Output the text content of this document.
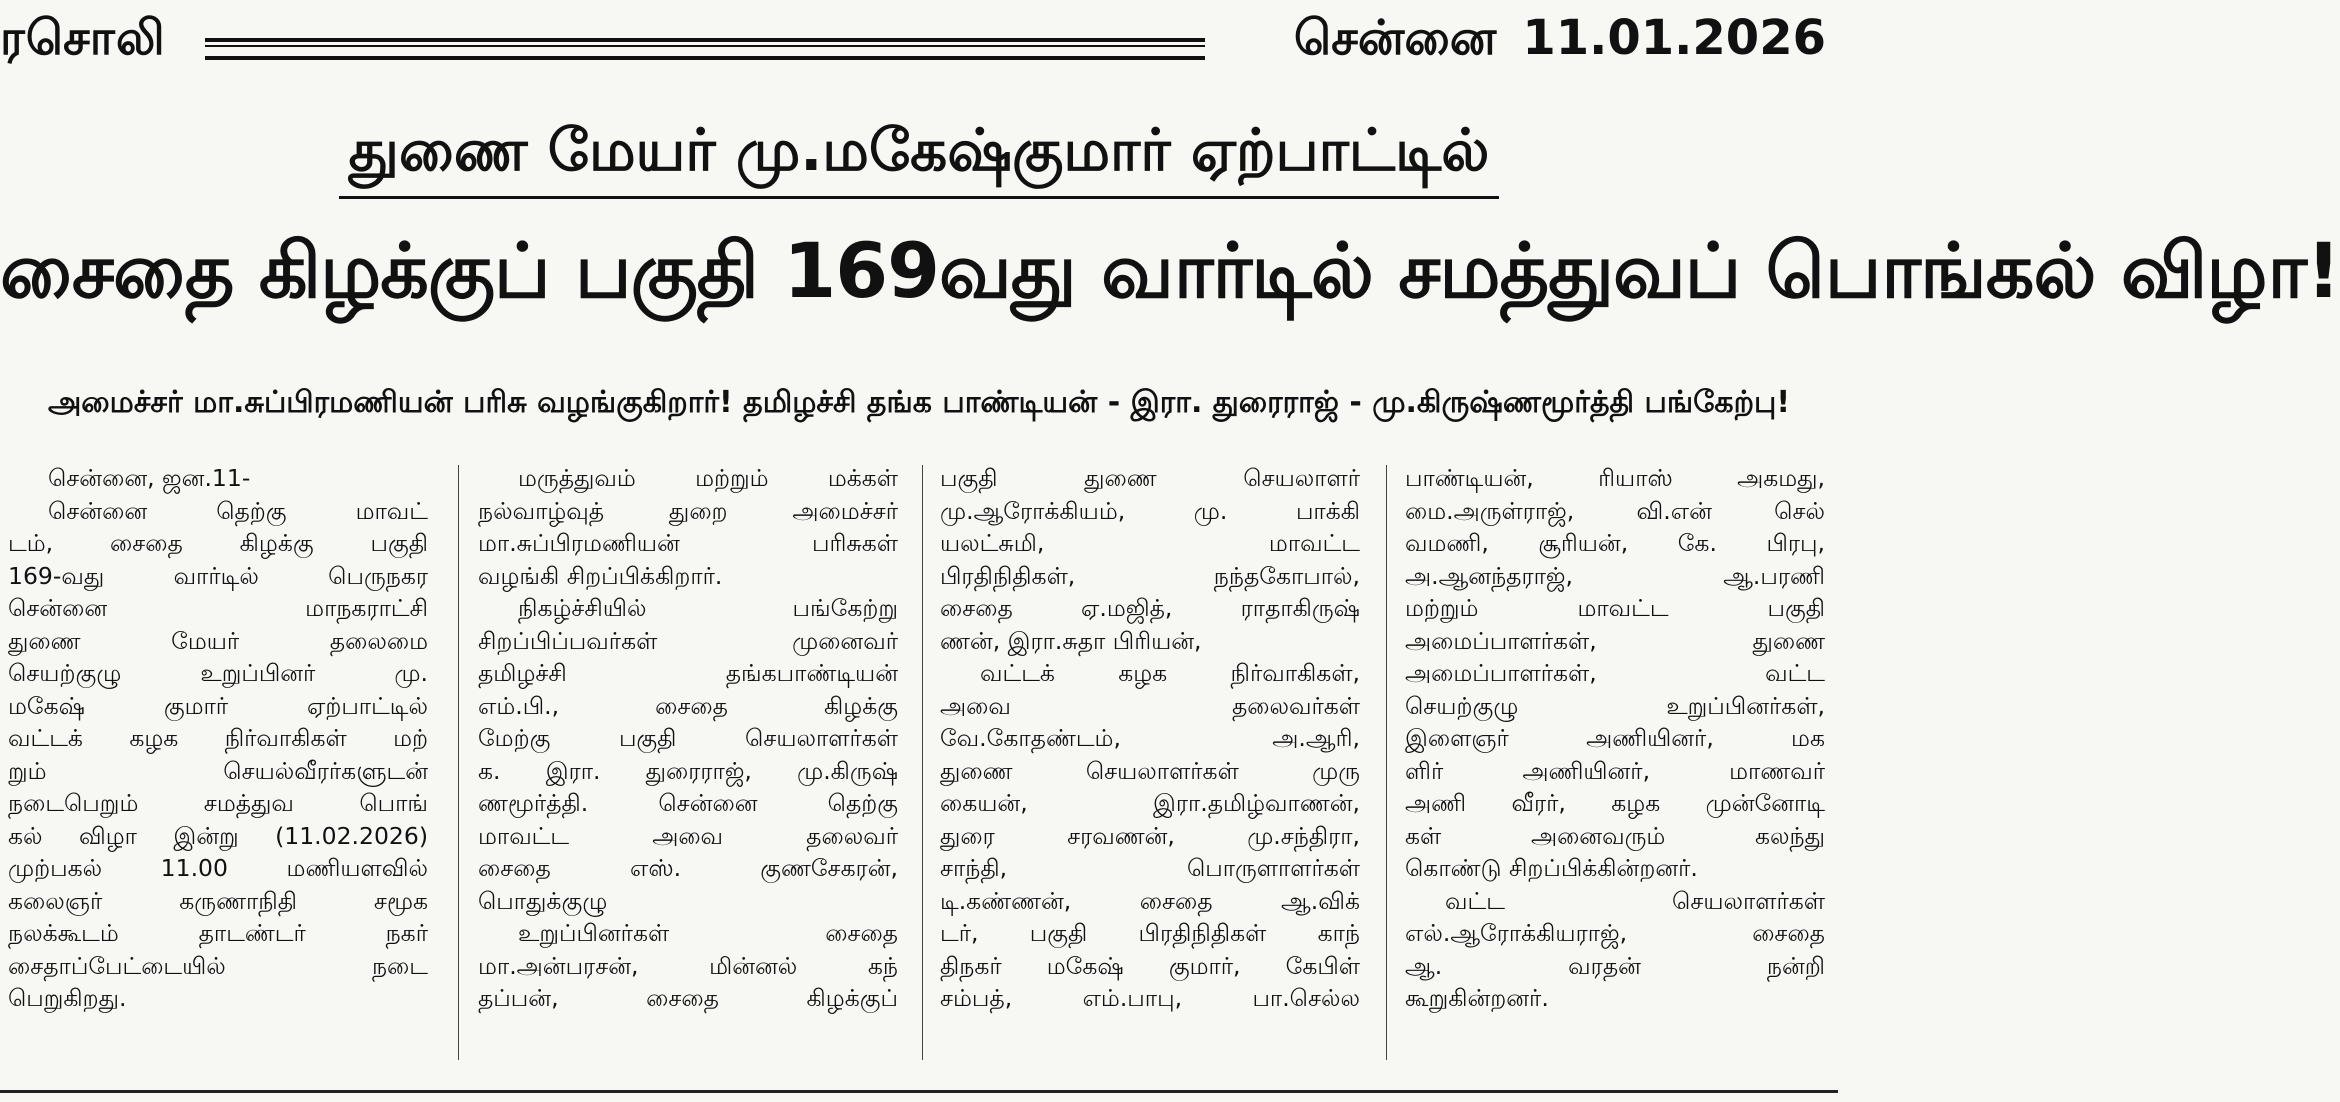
ரசொலி	சென்னை 11.01.2026
துணை மேயர் மு.மகேஷ்குமார் ஏற்பாட்டில்
சைதை கிழக்குப் பகுதி 169வது வார்டில் சமத்துவப் பொங்கல் விழா!
அமைச்சர் மா.சுப்பிரமணியன் பரிசு வழங்குகிறார்! தமிழச்சி தங்க பாண்டியன் - இரா. துரைராஜ் - மு.கிருஷ்ணமூர்த்தி பங்கேற்பு!
சென்னை, ஜன.11-
சென்னை தெற்கு மாவட்
டம், சைதை கிழக்கு பகுதி
169-வது வார்டில் பெருநகர
சென்னை மாநகராட்சி
துணை மேயர் தலைமை
செயற்குழு உறுப்பினர் மு.
மகேஷ் குமார் ஏற்பாட்டில்
வட்டக் கழக நிர்வாகிகள் மற்
றும் செயல்வீரர்களுடன்
நடைபெறும் சமத்துவ பொங்
கல் விழா இன்று (11.02.2026)
முற்பகல் 11.00 மணியளவில்
கலைஞர் கருணாநிதி சமூக
நலக்கூடம் தாடண்டர் நகர்
சைதாப்பேட்டையில் நடை
பெறுகிறது.
மருத்துவம் மற்றும் மக்கள்
நல்வாழ்வுத் துறை அமைச்சர்
மா.சுப்பிரமணியன் பரிசுகள்
வழங்கி சிறப்பிக்கிறார்.
நிகழ்ச்சியில் பங்கேற்று
சிறப்பிப்பவர்கள் முனைவர்
தமிழச்சி தங்கபாண்டியன்
எம்.பி., சைதை கிழக்கு
மேற்கு பகுதி செயலாளர்கள்
க. இரா. துரைராஜ், மு.கிருஷ்
ணமூர்த்தி. சென்னை தெற்கு
மாவட்ட அவை தலைவர்
சைதை எஸ். குணசேகரன்,
பொதுக்குழு
உறுப்பினர்கள் சைதை
மா.அன்பரசன், மின்னல் கந்
தப்பன், சைதை கிழக்குப்
பகுதி துணை செயலாளர்
மு.ஆரோக்கியம், மு. பாக்கி
யலட்சுமி, மாவட்ட
பிரதிநிதிகள், நந்தகோபால்,
சைதை ஏ.மஜித், ராதாகிருஷ்
ணன், இரா.சுதா பிரியன்,
வட்டக் கழக நிர்வாகிகள்,
அவை தலைவர்கள்
வே.கோதண்டம், அ.ஆரி,
துணை செயலாளர்கள் முரு
கையன், இரா.தமிழ்வாணன்,
துரை சரவணன், மு.சந்திரா,
சாந்தி, பொருளாளர்கள்
டி.கண்ணன், சைதை ஆ.விக்
டர், பகுதி பிரதிநிதிகள் காந்
திநகர் மகேஷ் குமார், கேபிள்
சம்பத், எம்.பாபு, பா.செல்ல
பாண்டியன், ரியாஸ் அகமது,
மை.அருள்ராஜ், வி.என் செல்
வமணி, சூரியன், கே. பிரபு,
அ.ஆனந்தராஜ், ஆ.பரணி
மற்றும் மாவட்ட பகுதி
அமைப்பாளர்கள், துணை
அமைப்பாளர்கள், வட்ட
செயற்குழு உறுப்பினர்கள்,
இளைஞர் அணியினர், மக
ளிர் அணியினர், மாணவர்
அணி வீரர், கழக முன்னோடி
கள் அனைவரும் கலந்து
கொண்டு சிறப்பிக்கின்றனர்.
வட்ட செயலாளர்கள்
எல்.ஆரோக்கியராஜ், சைதை
ஆ. வரதன் நன்றி
கூறுகின்றனர்.
